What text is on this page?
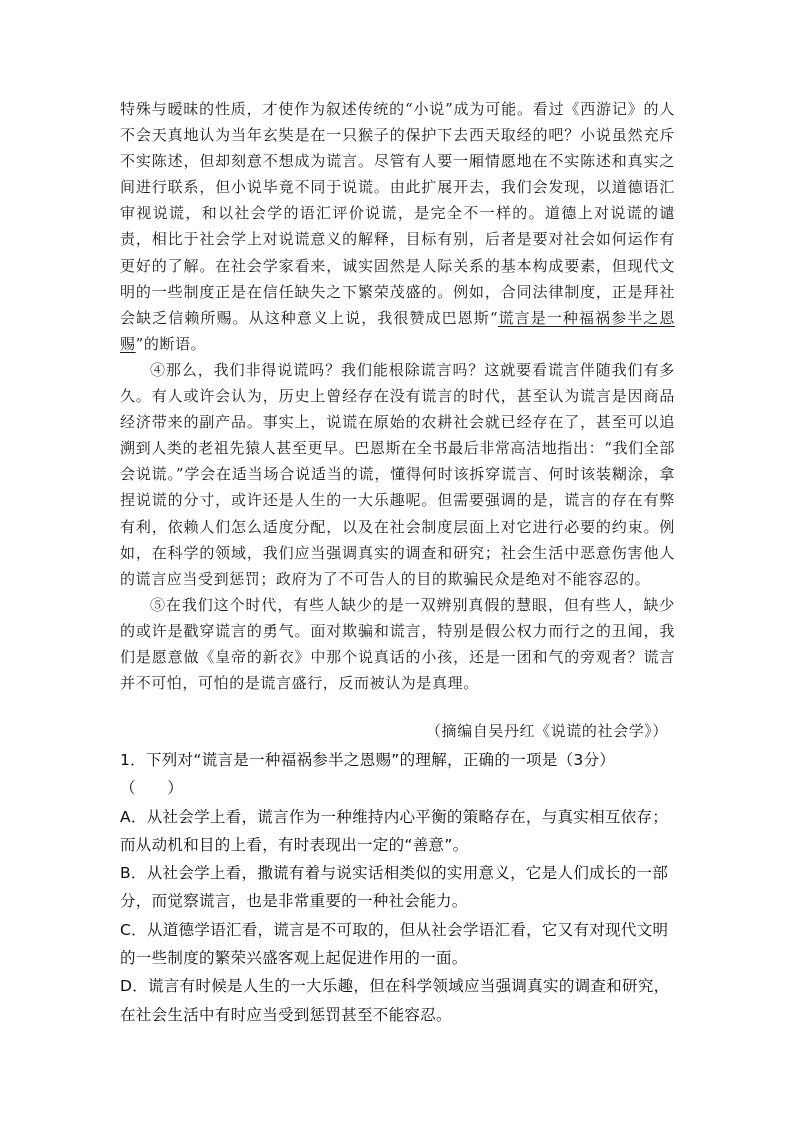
特殊与暧昧的性质，才使作为叙述传统的“小说”成为可能。看过《西游记》的人不会天真地认为当年玄奘是在一只猴子的保护下去西天取经的吧？小说虽然充斥不实陈述，但却刻意不想成为谎言。尽管有人要一厢情愿地在不实陈述和真实之间进行联系，但小说毕竟不同于说谎。由此扩展开去，我们会发现，以道德语汇审视说谎，和以社会学的语汇评价说谎，是完全不一样的。道德上对说谎的谴责，相比于社会学上对说谎意义的解释，目标有别，后者是要对社会如何运作有更好的了解。在社会学家看来，诚实固然是人际关系的基本构成要素，但现代文明的一些制度正是在信任缺失之下繁荣茂盛的。例如，合同法律制度，正是拜社会缺乏信赖所赐。从这种意义上说，我很赞成巴恩斯“谎言是一种福祸参半之恩赐”的断语。

④那么，我们非得说谎吗？我们能根除谎言吗？这就要看谎言伴随我们有多久。有人或许会认为，历史上曾经存在没有谎言的时代，甚至认为谎言是因商品经济带来的副产品。事实上，说谎在原始的农耕社会就已经存在了，甚至可以追溯到人类的老祖先猿人甚至更早。巴恩斯在全书最后非常高洁地指出：“我们全部会说谎。”学会在适当场合说适当的谎，懂得何时该拆穿谎言、何时该装糊涂，拿捏说谎的分寸，或许还是人生的一大乐趣呢。但需要强调的是，谎言的存在有弊有利，依赖人们怎么适度分配，以及在社会制度层面上对它进行必要的约束。例如，在科学的领域，我们应当强调真实的调查和研究；社会生活中恶意伤害他人的谎言应当受到惩罚；政府为了不可告人的目的欺骗民众是绝对不能容忍的。

⑤在我们这个时代，有些人缺少的是一双辨别真假的慧眼，但有些人，缺少的或许是戳穿谎言的勇气。面对欺骗和谎言，特别是假公权力而行之的丑闻，我们是愿意做《皇帝的新衣》中那个说真话的小孩，还是一团和气的旁观者？谎言并不可怕，可怕的是谎言盛行，反而被认为是真理。

（摘编自吴丹红《说谎的社会学》）

1．下列对“谎言是一种福祸参半之恩赐”的理解，正确的一项是（3分）

（　　）

A．从社会学上看，谎言作为一种维持内心平衡的策略存在，与真实相互依存；而从动机和目的上看，有时表现出一定的“善意”。

B．从社会学上看，撒谎有着与说实话相类似的实用意义，它是人们成长的一部分，而觉察谎言，也是非常重要的一种社会能力。

C．从道德学语汇看，谎言是不可取的，但从社会学语汇看，它又有对现代文明的一些制度的繁荣兴盛客观上起促进作用的一面。

D．谎言有时候是人生的一大乐趣，但在科学领域应当强调真实的调查和研究，在社会生活中有时应当受到惩罚甚至不能容忍。
